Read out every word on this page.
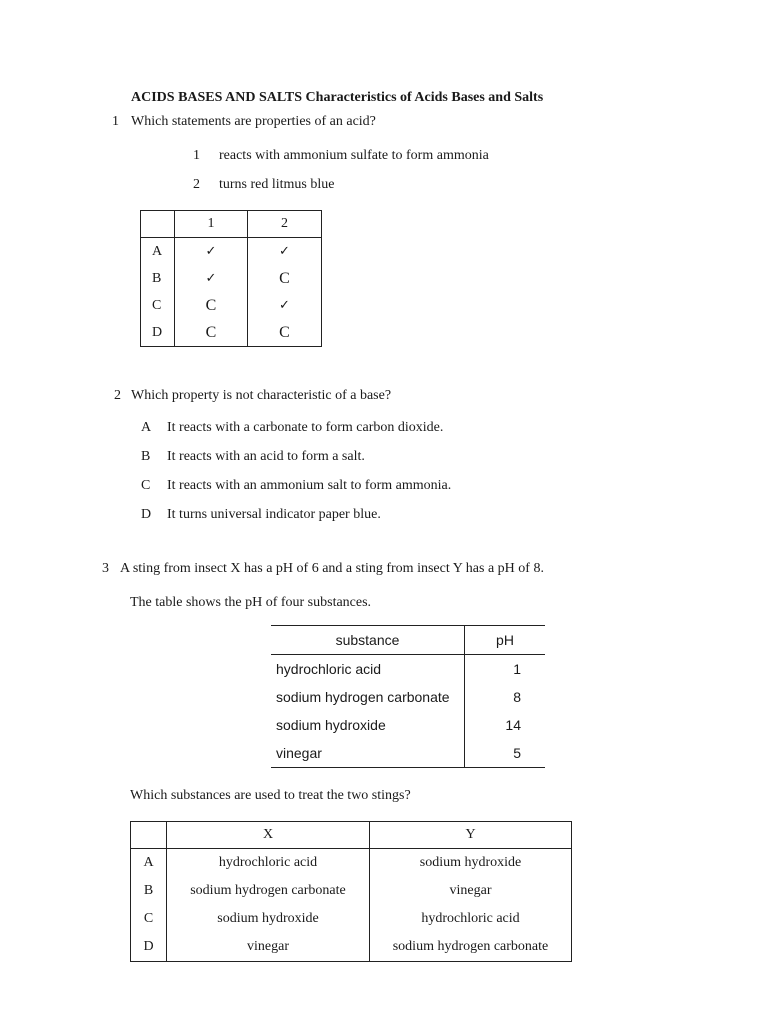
ACIDS BASES AND SALTS Characteristics of Acids Bases and Salts
1 Which statements are properties of an acid?
1 reacts with ammonium sulfate to form ammonia
2 turns red litmus blue
	1	2
A	✓	✓
B	✓	C
C	C	✓
D	C	C
2 Which property is not characteristic of a base?
A It reacts with a carbonate to form carbon dioxide.
B It reacts with an acid to form a salt.
C It reacts with an ammonium salt to form ammonia.
D It turns universal indicator paper blue.
3 A sting from insect X has a pH of 6 and a sting from insect Y has a pH of 8.
The table shows the pH of four substances.
substance	pH
hydrochloric acid	1
sodium hydrogen carbonate	8
sodium hydroxide	14
vinegar	5
Which substances are used to treat the two stings?
	X	Y
A	hydrochloric acid	sodium hydroxide
B	sodium hydrogen carbonate	vinegar
C	sodium hydroxide	hydrochloric acid
D	vinegar	sodium hydrogen carbonate
